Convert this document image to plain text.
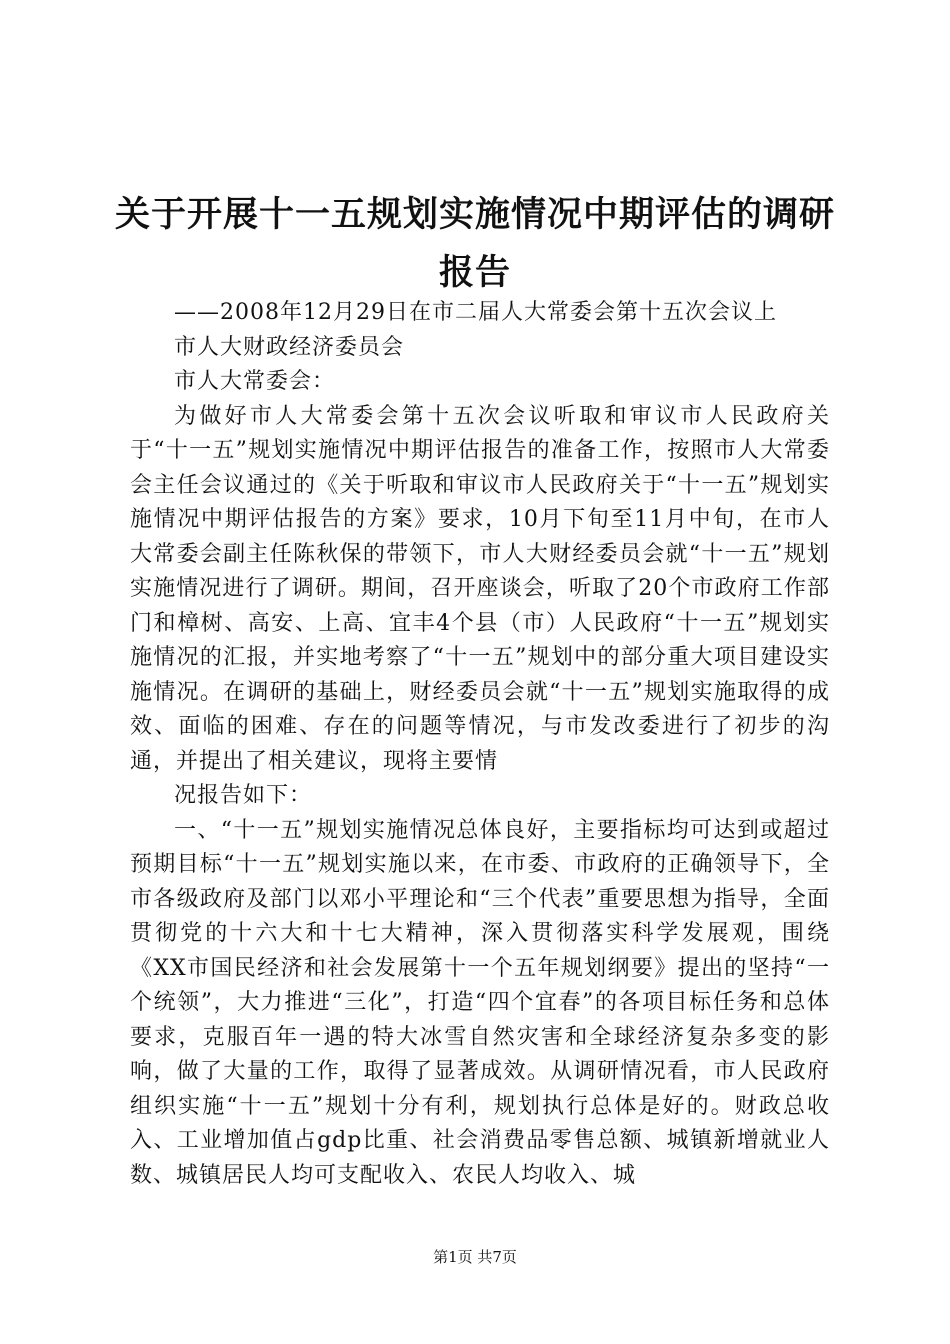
关于开展十一五规划实施情况中期评估的调研报告

——2008年12月29日在市二届人大常委会第十五次会议上

市人大财政经济委员会

市人大常委会：

为做好市人大常委会第十五次会议听取和审议市人民政府关于“十一五”规划实施情况中期评估报告的准备工作，按照市人大常委会主任会议通过的《关于听取和审议市人民政府关于“十一五”规划实施情况中期评估报告的方案》要求，10月下旬至11月中旬，在市人大常委会副主任陈秋保的带领下，市人大财经委员会就“十一五”规划实施情况进行了调研。期间，召开座谈会，听取了20个市政府工作部门和樟树、高安、上高、宜丰4个县（市）人民政府“十一五”规划实施情况的汇报，并实地考察了“十一五”规划中的部分重大项目建设实施情况。在调研的基础上，财经委员会就“十一五”规划实施取得的成效、面临的困难、存在的问题等情况，与市发改委进行了初步的沟通，并提出了相关建议，现将主要情

况报告如下：

一、“十一五”规划实施情况总体良好，主要指标均可达到或超过预期目标“十一五”规划实施以来，在市委、市政府的正确领导下，全市各级政府及部门以邓小平理论和“三个代表”重要思想为指导，全面贯彻党的十六大和十七大精神，深入贯彻落实科学发展观，围绕《XX市国民经济和社会发展第十一个五年规划纲要》提出的坚持“一个统领”，大力推进“三化”，打造“四个宜春”的各项目标任务和总体要求，克服百年一遇的特大冰雪自然灾害和全球经济复杂多变的影响，做了大量的工作，取得了显著成效。从调研情况看，市人民政府组织实施“十一五”规划十分有利，规划执行总体是好的。财政总收入、工业增加值占gdp比重、社会消费品零售总额、城镇新增就业人数、城镇居民人均可支配收入、农民人均收入、城

第1页 共7页
